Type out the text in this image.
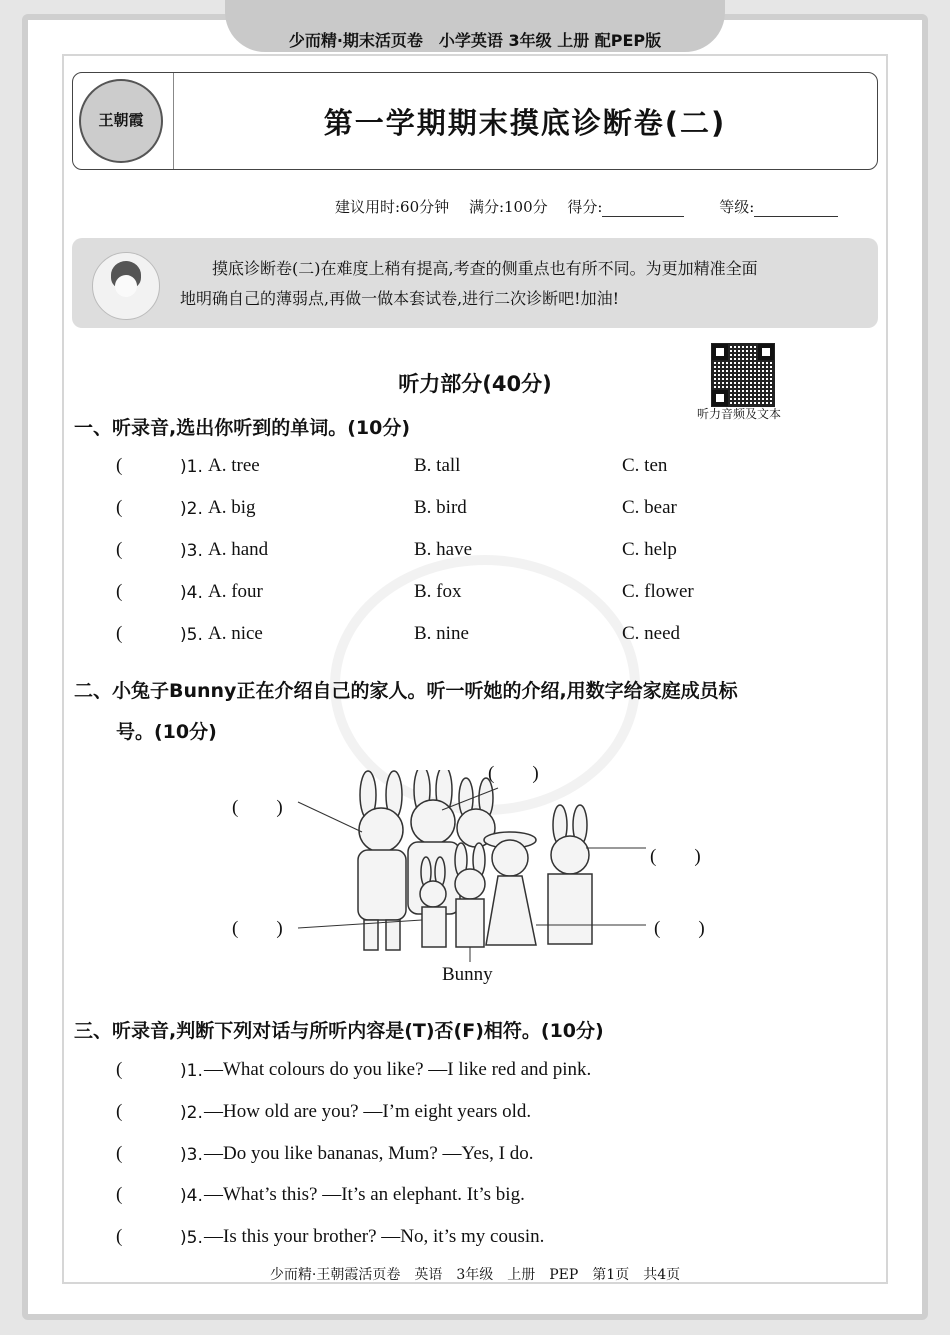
少而精·期末活页卷　小学英语 3年级 上册 配PEP版
王朝霞	第一学期期末摸底诊断卷(二)
建议用时:60分钟　 满分:100分　 得分:　　	等级:

摸底诊断卷(二)在难度上稍有提高,考查的侧重点也有所不同。为更加精准全面
地明确自己的薄弱点,再做一做本套试卷,进行二次诊断吧!加油!

听力部分(40分)
听力音频及文本
一、听录音,选出你听到的单词。(10分)
(	)1. A. tree	B. tall	C. ten
(	)2. A. big	B. bird	C. bear
(	)3. A. hand	B. have	C. help
(	)4. A. four	B. fox	C. flower
(	)5. A. nice	B. nine	C. need
二、小兔子Bunny正在介绍自己的家人。听一听她的介绍,用数字给家庭成员标
号。(10分)
(　　)
(　　)
(　　)
(　　)	(　　)
Bunny
三、听录音,判断下列对话与所听内容是(T)否(F)相符。(10分)
(	)1. —What colours do you like? —I like red and pink.
(	)2. —How old are you? —I’m eight years old.
(	)3. —Do you like bananas, Mum? —Yes, I do.
(	)4. —What’s this? —It’s an elephant. It’s big.
(	)5. —Is this your brother? —No, it’s my cousin.
少而精·王朝霞活页卷　英语　3年级　上册　PEP　第1页　共4页
